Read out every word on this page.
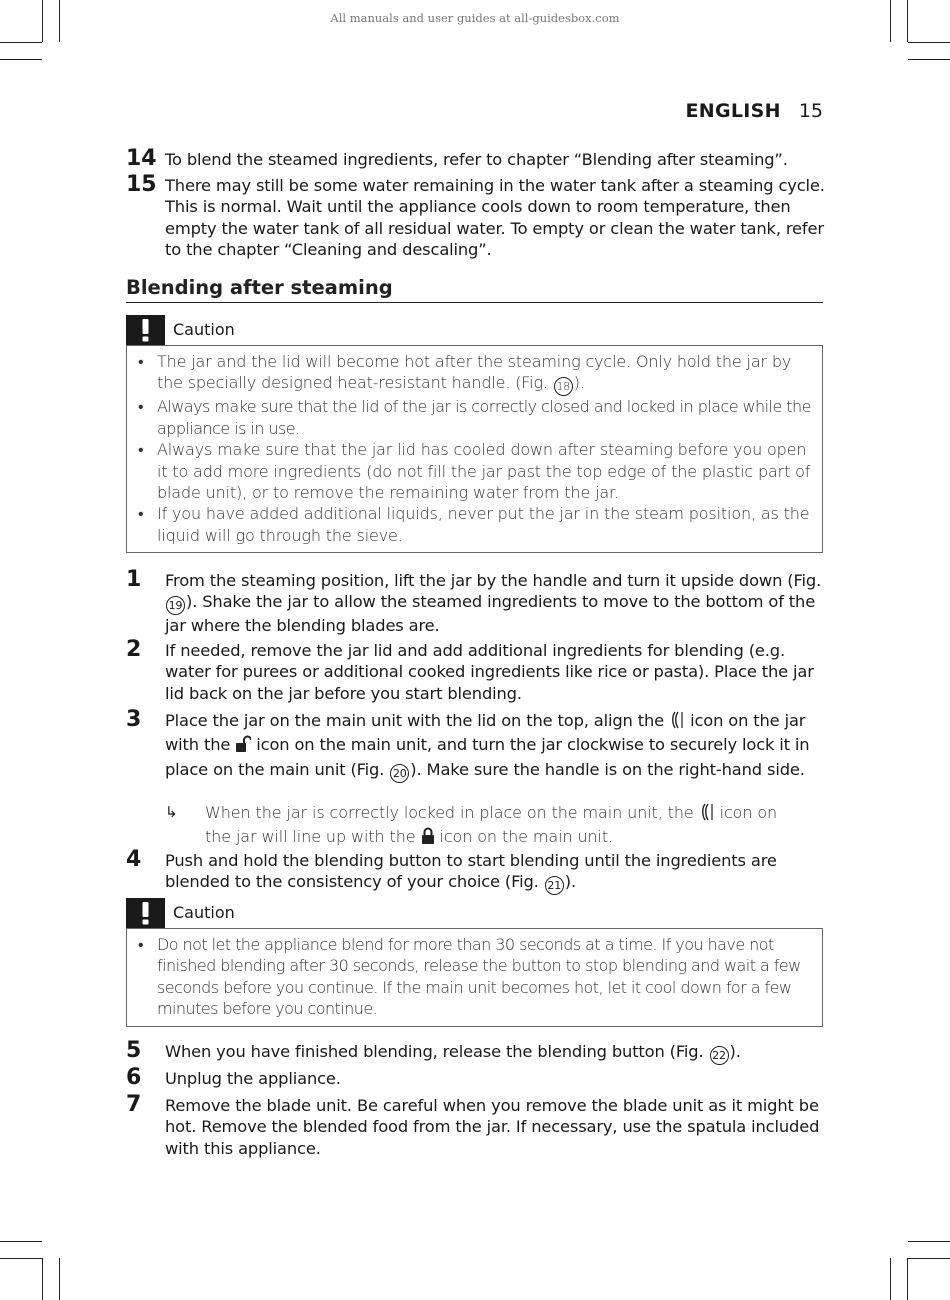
All manuals and user guides at all-guidesbox.com
ENGLISH 15
14 To blend the steamed ingredients, refer to chapter “Blending after steaming”.
15 There may still be some water remaining in the water tank after a steaming cycle. This is normal. Wait until the appliance cools down to room temperature, then empty the water tank of all residual water. To empty or clean the water tank, refer to the chapter “Cleaning and descaling”.
Blending after steaming
Caution
• The jar and the lid will become hot after the steaming cycle. Only hold the jar by the specially designed heat-resistant handle. (Fig. 18 ).
• Always make sure that the lid of the jar is correctly closed and locked in place while the appliance is in use.
• Always make sure that the jar lid has cooled down after steaming before you open it to add more ingredients (do not fill the jar past the top edge of the plastic part of blade unit), or to remove the remaining water from the jar.
• If you have added additional liquids, never put the jar in the steam position, as the liquid will go through the sieve.
1 From the steaming position, lift the jar by the handle and turn it upside down (Fig. 19 ). Shake the jar to allow the steamed ingredients to move to the bottom of the jar where the blending blades are.
2 If needed, remove the jar lid and add additional ingredients for blending (e.g. water for purees or additional cooked ingredients like rice or pasta). Place the jar lid back on the jar before you start blending.
3 Place the jar on the main unit with the lid on the top, align the  icon on the jar with the  icon on the main unit, and turn the jar clockwise to securely lock it in place on the main unit (Fig. 20 ). Make sure the handle is on the right-hand side.
↳ When the jar is correctly locked in place on the main unit, the  icon on the jar will line up with the  icon on the main unit.
4 Push and hold the blending button to start blending until the ingredients are blended to the consistency of your choice (Fig. 21 ).
Caution
• Do not let the appliance blend for more than 30 seconds at a time. If you have not finished blending after 30 seconds, release the button to stop blending and wait a few seconds before you continue. If the main unit becomes hot, let it cool down for a few minutes before you continue.
5 When you have finished blending, release the blending button (Fig. 22 ).
6 Unplug the appliance.
7 Remove the blade unit. Be careful when you remove the blade unit as it might be hot. Remove the blended food from the jar. If necessary, use the spatula included with this appliance.
